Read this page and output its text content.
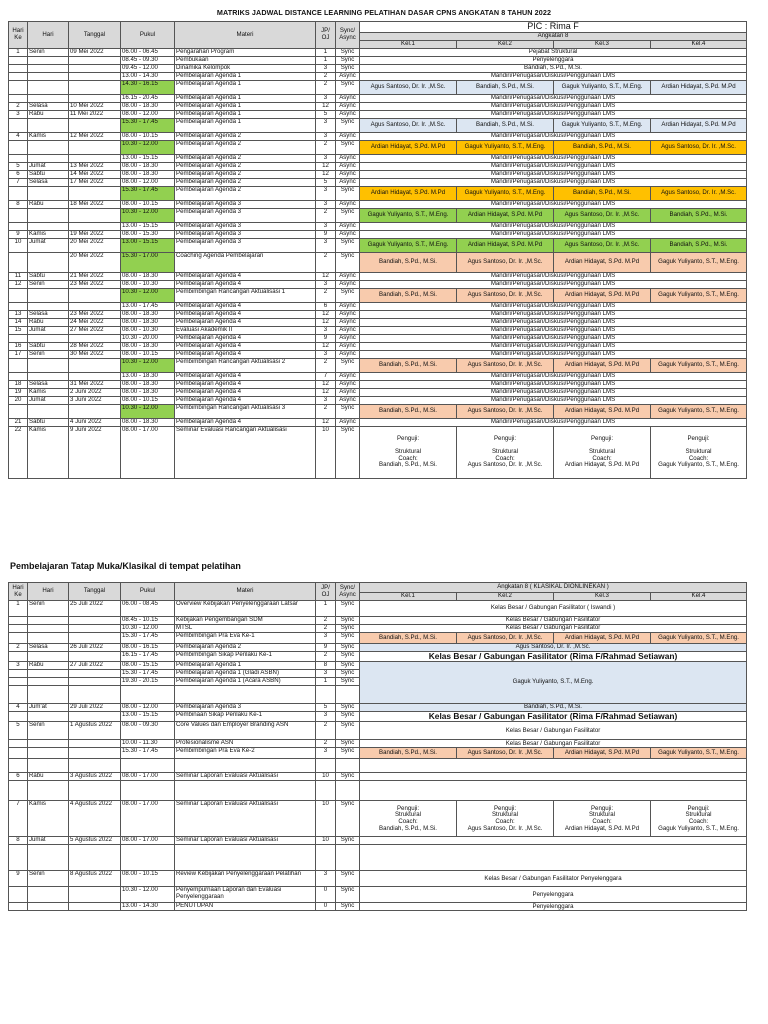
MATRIKS JADWAL DISTANCE LEARNING PELATIHAN DASAR CPNS ANGKATAN 8 TAHUN 2022
Hari Ke	Hari	Tanggal	Pukul	Materi	JP/ OJ	Sync/ Async	PIC : Rima F			
							Angkatan 8			
							Kel.1	Kel.2	Kel.3	Kel.4
1	Senin	09 Mei 2022	06.00 - 06.45	Pengarahan Program	1	Sync	Pejabat Struktural			
			08.45 - 09.30	Pembukaan	1	Sync	Penyelenggara			
			09.45 - 12.00	Dinamika Kelompok	3	Sync	Bandiah, S.Pd., M.Si.			
			13.00 - 14.30	Pembelajaran Agenda 1	2	Async	Mandiri/Penugasan/Diskusi/Penggunaan LMS			
			14.30 - 16.15	Pembelajaran Agenda 1	2	Sync	Agus Santoso, Dr. Ir. ,M.Sc.	Bandiah, S.Pd., M.Si.	Gaguk Yuliyanto, S.T., M.Eng.	Ardian Hidayat, S.Pd. M.Pd
			16.15 - 20.45	Pembelajaran Agenda 1	3	Async	Mandiri/Penugasan/Diskusi/Penggunaan LMS			
2	Selasa	10 Mei 2022	08.00 - 18.30	Pembelajaran Agenda 1	12	Async	Mandiri/Penugasan/Diskusi/Penggunaan LMS			
3	Rabu	11 Mei 2022	08.00 - 12.00	Pembelajaran Agenda 1	5	Async	Mandiri/Penugasan/Diskusi/Penggunaan LMS			
			15.30 - 17.45	Pembelajaran Agenda 1	3	Sync	Agus Santoso, Dr. Ir. ,M.Sc.	Bandiah, S.Pd., M.Si.	Gaguk Yuliyanto, S.T., M.Eng.	Ardian Hidayat, S.Pd. M.Pd
4	Kamis	12 Mei 2022	08.00 - 10.15	Pembelajaran Agenda 2	3	Async	Mandiri/Penugasan/Diskusi/Penggunaan LMS			
			10.30 - 12.00	Pembelajaran Agenda 2	2	Sync	Ardian Hidayat, S.Pd. M.Pd	Gaguk Yuliyanto, S.T., M.Eng.	Bandiah, S.Pd., M.Si.	Agus Santoso, Dr. Ir. ,M.Sc.
			13.00 - 15.15	Pembelajaran Agenda 2	3	Async	Mandiri/Penugasan/Diskusi/Penggunaan LMS			
5	Jumat	13 Mei 2022	08.00 - 18.30	Pembelajaran Agenda 2	12	Async	Mandiri/Penugasan/Diskusi/Penggunaan LMS			
6	Sabtu	14 Mei 2022	08.00 - 18.30	Pembelajaran Agenda 2	12	Async	Mandiri/Penugasan/Diskusi/Penggunaan LMS			
7	Selasa	17 Mei 2022	08.00 - 12.00	Pembelajaran Agenda 2	5	Async	Mandiri/Penugasan/Diskusi/Penggunaan LMS			
			15.30 - 17.45	Pembelajaran Agenda 2	3	Sync	Ardian Hidayat, S.Pd. M.Pd	Gaguk Yuliyanto, S.T., M.Eng.	Bandiah, S.Pd., M.Si.	Agus Santoso, Dr. Ir. ,M.Sc.
8	Rabu	18 Mei 2022	08.00 - 10.15	Pembelajaran Agenda 3	3	Async	Mandiri/Penugasan/Diskusi/Penggunaan LMS			
			10.30 - 12.00	Pembelajaran Agenda 3	2	Sync	Gaguk Yuliyanto, S.T., M.Eng.	Ardian Hidayat, S.Pd. M.Pd	Agus Santoso, Dr. Ir. ,M.Sc.	Bandiah, S.Pd., M.Si.
			13.00 - 15.15	Pembelajaran Agenda 3	3	Async	Mandiri/Penugasan/Diskusi/Penggunaan LMS			
9	Kamis	19 Mei 2022	08.00 - 15.30	Pembelajaran Agenda 3	9	Async	Mandiri/Penugasan/Diskusi/Penggunaan LMS			
10	Jumat	20 Mei 2022	13.00 - 15.15	Pembelajaran Agenda 3	3	Sync	Gaguk Yuliyanto, S.T., M.Eng.	Ardian Hidayat, S.Pd. M.Pd	Agus Santoso, Dr. Ir. ,M.Sc.	Bandiah, S.Pd., M.Si.
		20 Mei 2022	15.30 - 17.00	Coaching Agenda Pembelajaran	2	Sync	Bandiah, S.Pd., M.Si.	Agus Santoso, Dr. Ir. ,M.Sc.	Ardian Hidayat, S.Pd. M.Pd	Gaguk Yuliyanto, S.T., M.Eng.
11	Sabtu	21 Mei 2022	08.00 - 18.30	Pembelajaran Agenda 4	12	Async	Mandiri/Penugasan/Diskusi/Penggunaan LMS			
12	Senin	23 Mei 2022	08.00 - 10.30	Pembelajaran Agenda 4	3	Async	Mandiri/Penugasan/Diskusi/Penggunaan LMS			
			10.30 - 12.00	Pembimbingan Rancangan Aktualisasi 1	2	Sync	Bandiah, S.Pd., M.Si.	Agus Santoso, Dr. Ir. ,M.Sc.	Ardian Hidayat, S.Pd. M.Pd	Gaguk Yuliyanto, S.T., M.Eng.
			13.00 - 17.45	Pembelajaran Agenda 4	6	Async	Mandiri/Penugasan/Diskusi/Penggunaan LMS			
13	Selasa	23 Mei 2022	08.00 - 18.30	Pembelajaran Agenda 4	12	Async	Mandiri/Penugasan/Diskusi/Penggunaan LMS			
14	Rabu	24 Mei 2022	08.00 - 18.30	Pembelajaran Agenda 4	12	Async	Mandiri/Penugasan/Diskusi/Penggunaan LMS			
15	Jumat	27 Mei 2022	08.00 - 10.30	Evaluasi Akademik II	3	Async	Mandiri/Penugasan/Diskusi/Penggunaan LMS			
			10.30 - 20.00	Pembelajaran Agenda 4	9	Async	Mandiri/Penugasan/Diskusi/Penggunaan LMS			
16	Sabtu	28 Mei 2022	08.00 - 18.30	Pembelajaran Agenda 4	12	Async	Mandiri/Penugasan/Diskusi/Penggunaan LMS			
17	Senin	30 Mei 2022	08.00 - 10.15	Pembelajaran Agenda 4	3	Async	Mandiri/Penugasan/Diskusi/Penggunaan LMS			
			10.30 - 12.00	Pembimbingan Rancangan Aktualisasi 2	2	Sync	Bandiah, S.Pd., M.Si.	Agus Santoso, Dr. Ir. ,M.Sc.	Ardian Hidayat, S.Pd. M.Pd	Gaguk Yuliyanto, S.T., M.Eng.
			13.00 - 18.30	Pembelajaran Agenda 4	7	Async	Mandiri/Penugasan/Diskusi/Penggunaan LMS			
18	Selasa	31 Mei 2022	08.00 - 18.30	Pembelajaran Agenda 4	12	Async	Mandiri/Penugasan/Diskusi/Penggunaan LMS			
19	Kamis	2 Juni 2022	08.00 - 18.30	Pembelajaran Agenda 4	12	Async	Mandiri/Penugasan/Diskusi/Penggunaan LMS			
20	Jumat	3 Juni 2022	08.00 - 10.15	Pembelajaran Agenda 4	3	Async	Mandiri/Penugasan/Diskusi/Penggunaan LMS			
			10.30 - 12.00	Pembimbingan Rancangan Aktualisasi 3	2	Sync	Bandiah, S.Pd., M.Si.	Agus Santoso, Dr. Ir. ,M.Sc.	Ardian Hidayat, S.Pd. M.Pd	Gaguk Yuliyanto, S.T., M.Eng.
21	Sabtu	4 Juni 2022	08.00 - 18.30	Pembelajaran Agenda 4	12	Async	Mandiri/Penugasan/Diskusi/Penggunaan LMS			
22	Kamis	9 Juni 2022	08.00 - 17.00	Seminar Evaluasi Rancangan Aktualisasi	10	Sync	Penguji:

Struktural
Coach:
Bandiah, S.Pd., M.Si.	Penguji:

Struktural
Coach:
Agus Santoso, Dr. Ir. ,M.Sc.	Penguji:

Struktural
Coach:
Ardian Hidayat, S.Pd. M.Pd	Penguji:

Struktural
Coach:
Gaguk Yuliyanto, S.T., M.Eng.
Pembelajaran Tatap Muka/Klasikal di tempat pelatihan
Hari Ke	Hari	Tanggal	Pukul	Materi	JP/ OJ	Sync/ Async	Angkatan 8 ( KLASIKAL DIONLINEKAN )			
							Kel.1	Kel.2	Kel.3	Kel.4
1	Senin	25 Juli 2022	06.00 - 08.45	Overview Kebijakan Penyelenggaraan Latsar	1	Sync	Kelas Besar / Gabungan Fasilitator ( Iswandi )			
			08.45 - 10.15	Kebijakan Pengembangan SDM	2	Sync	Kelas Besar / Gabungan Fasilitator			
			10.30 - 12.00	MTSL	2	Sync	Kelas Besar / Gabungan Fasilitator			
			15.30 - 17.45	Pembimbingan Pra Eva Ke-1	3	Sync	Bandiah, S.Pd., M.Si.	Agus Santoso, Dr. Ir. ,M.Sc.	Ardian Hidayat, S.Pd. M.Pd	Gaguk Yuliyanto, S.T., M.Eng.
2	Selasa	26 Juli 2022	08.00 - 16.15	Pembelajaran Agenda 2	9	Sync	Agus Santoso, Dr. Ir. ,M.Sc.			
			16.15 - 17.45	Pembimbingan Sikap Perilaku Ke-1	2	Sync	Kelas Besar / Gabungan Fasilitator (Rima F/Rahmad Setiawan)			
3	Rabu	27 Juli 2022	08.00 - 15.15	Pembelajaran Agenda 1	8	Sync	Gaguk Yuliyanto, S.T., M.Eng.			
			15.30 - 17.45	Pembelajaran Agenda 1 (Gladi ASBN)	3	Sync				
			19.30 - 20.15	Pembelajaran Agenda 1 (Acara ASBN)	1	Sync				

4	Jum'at	29 Juli 2022	08.00 - 12.00	Pembelajaran Agenda 3	5	Sync	Bandiah, S.Pd., M.Si.			
			13.00 - 15.15	Pembinaan Sikap Perilaku Ke-1	3	Sync	Kelas Besar / Gabungan Fasilitator (Rima F/Rahmad Setiawan)			
5	Senin	1 Agustus 2022	08.00 - 09.30	Core Values dan Employer Branding ASN	2	Sync	Kelas Besar / Gabungan Fasilitator			
			10.00 - 11.30	Profesionalisme ASN	2	Sync	Kelas Besar / Gabungan Fasilitator			
			15.30 - 17.45	Pembimbingan Pra Eva Ke-2	3	Sync	Bandiah, S.Pd., M.Si.	Agus Santoso, Dr. Ir. ,M.Sc.	Ardian Hidayat, S.Pd. M.Pd	Gaguk Yuliyanto, S.T., M.Eng.

6	Rabu	3 Agustus 2022	08.00 - 17.00	Seminar Laporan Evaluasi Aktualisasi	10	Sync				

7	Kamis	4 Agustus 2022	08.00 - 17.00	Seminar Laporan Evaluasi Aktualisasi	10	Sync	Penguji:
Struktural
Coach:
Bandiah, S.Pd., M.Si.	Penguji:
Struktural
Coach:
Agus Santoso, Dr. Ir. ,M.Sc.	Penguji:
Struktural
Coach:
Ardian Hidayat, S.Pd. M.Pd	Penguji:
Struktural
Coach:
Gaguk Yuliyanto, S.T., M.Eng.
8	Jumat	5 Agustus 2022	08.00 - 17.00	Seminar Laporan Evaluasi Aktualisasi	10	Sync				

9	Senin	8 Agustus 2022	08.00 - 10.15	Review Kebijakan Penyelenggaraan Pelatihan	3	Sync	Kelas Besar / Gabungan Fasilitator Penyelenggara			
			10.30 - 12.00	Penyempurnaan Laporan dan Evaluasi Penyelenggaraan	0	Sync	Penyelenggara			
			13.00 - 14.30	PENUTUPAN	0	Sync	Penyelenggara			
